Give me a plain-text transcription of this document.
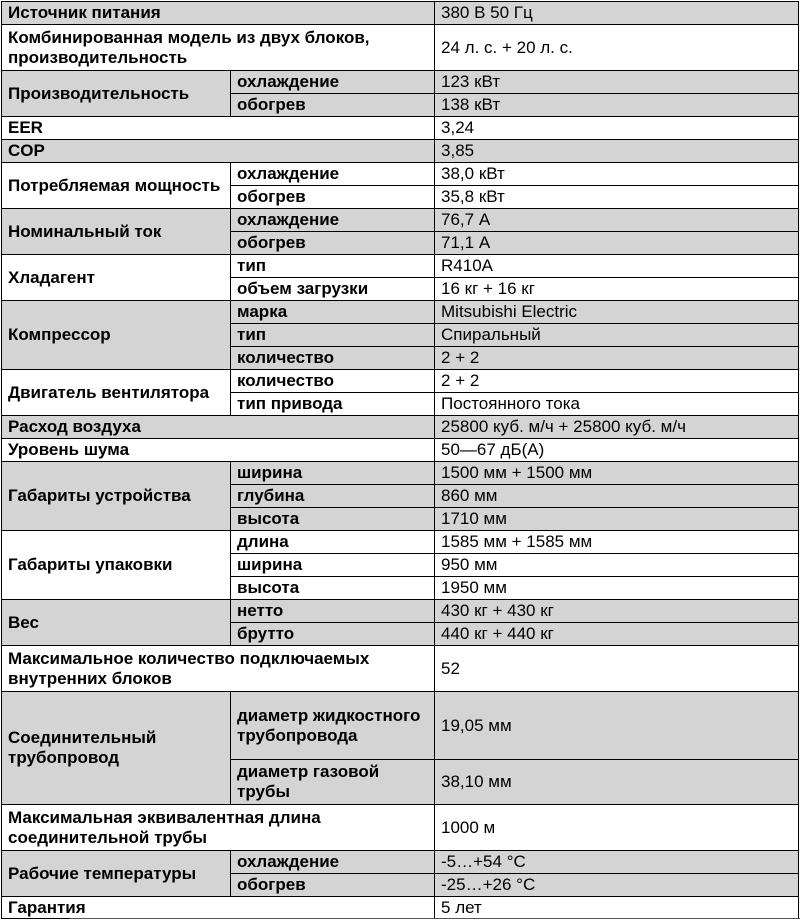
Источник питания		380 В 50 Гц
Комбинированная модель из двух блоков, производительность		24 л. с. + 20 л. с.
Производительность	охлаждение	123 кВт
	обогрев	138 кВт
EER		3,24
COP		3,85
Потребляемая мощность	охлаждение	38,0 кВт
	обогрев	35,8 кВт
Номинальный ток	охлаждение	76,7 А
	обогрев	71,1 А
Хладагент	тип	R410A
	объем загрузки	16 кг + 16 кг
Компрессор	марка	Mitsubishi Electric
	тип	Спиральный
	количество	2 + 2
Двигатель вентилятора	количество	2 + 2
	тип привода	Постоянного тока
Расход воздуха		25800 куб. м/ч + 25800 куб. м/ч
Уровень шума		50—67 дБ(А)
Габариты устройства	ширина	1500 мм + 1500 мм
	глубина	860 мм
	высота	1710 мм
Габариты упаковки	длина	1585 мм + 1585 мм
	ширина	950 мм
	высота	1950 мм
Вес	нетто	430 кг + 430 кг
	брутто	440 кг + 440 кг
Максимальное количество подключаемых внутренних блоков		52
Соединительный трубопровод	диаметр жидкостного трубопровода	19,05 мм
	диаметр газовой трубы	38,10 мм
Максимальная эквивалентная длина соединительной трубы		1000 м
Рабочие температуры	охлаждение	-5…+54 °C
	обогрев	-25…+26 °C
Гарантия		5 лет
